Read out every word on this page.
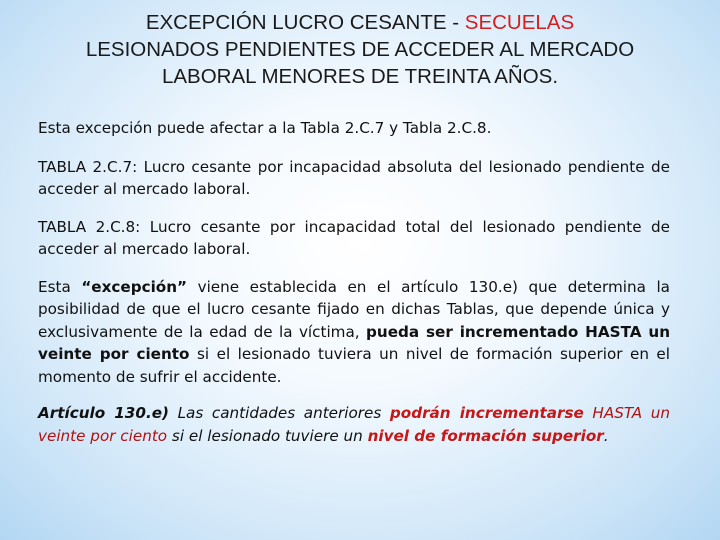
EXCEPCIÓN LUCRO CESANTE - SECUELAS
LESIONADOS PENDIENTES DE ACCEDER AL MERCADO
LABORAL MENORES DE TREINTA AÑOS.

Esta excepción puede afectar a la Tabla 2.C.7 y Tabla 2.C.8.

TABLA 2.C.7: Lucro cesante por incapacidad absoluta del lesionado pendiente de acceder al mercado laboral.

TABLA 2.C.8: Lucro cesante por incapacidad total del lesionado pendiente de acceder al mercado laboral.

Esta “excepción” viene establecida en el artículo 130.e) que determina la posibilidad de que el lucro cesante fijado en dichas Tablas, que depende única y exclusivamente de la edad de la víctima, pueda ser incrementado HASTA un veinte por ciento si el lesionado tuviera un nivel de formación superior en el momento de sufrir el accidente.

Artículo 130.e) Las cantidades anteriores podrán incrementarse HASTA un veinte por ciento si el lesionado tuviere un nivel de formación superior.
